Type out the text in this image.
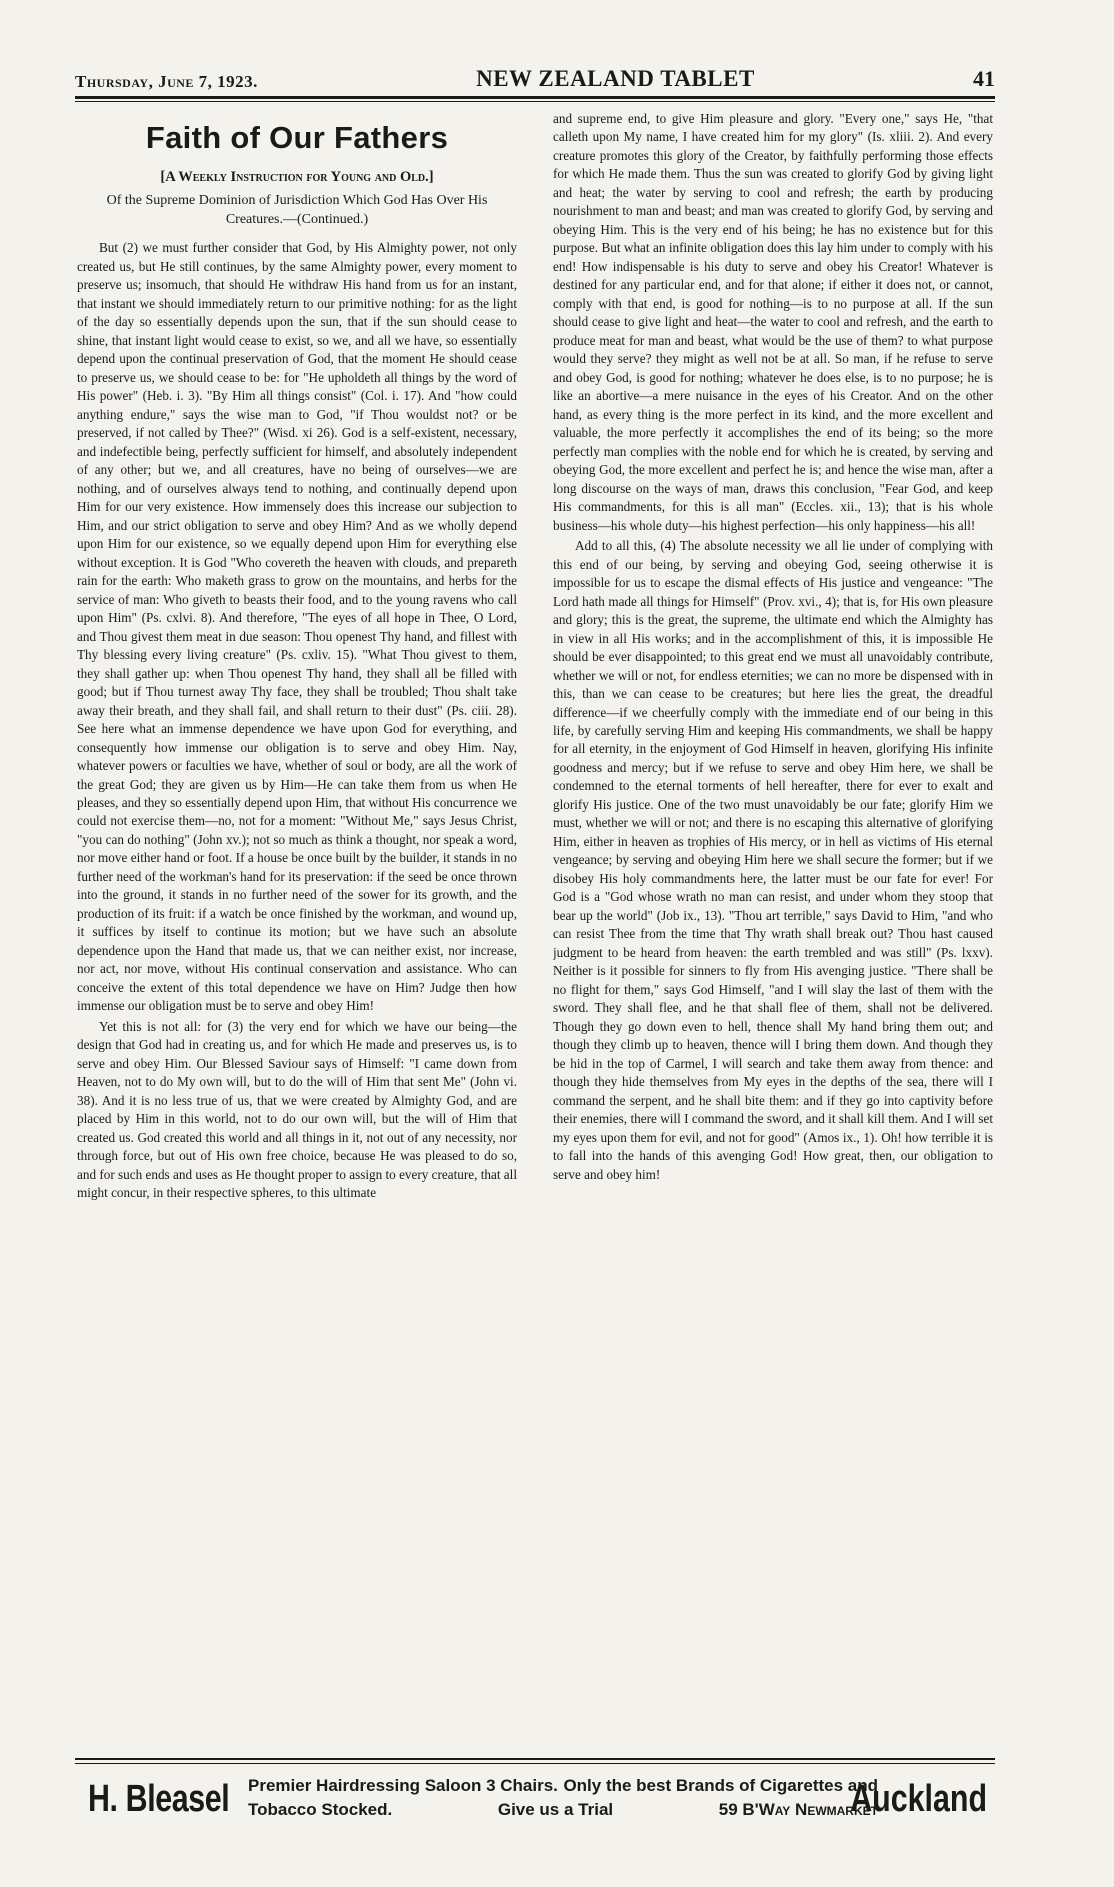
Thursday, June 7, 1923.	NEW ZEALAND TABLET	41
Faith of Our Fathers
[A Weekly Instruction for Young and Old.]
Of the Supreme Dominion of Jurisdiction Which God Has Over His Creatures.—(Continued.)

But (2) we must further consider that God, by His Almighty power, not only created us, but He still continues, by the same Almighty power, every moment to preserve us; insomuch, that should He withdraw His hand from us for an instant, that instant we should immediately return to our primitive nothing: for as the light of the day so essentially depends upon the sun, that if the sun should cease to shine, that instant light would cease to exist, so we, and all we have, so essentially depend upon the continual preservation of God, that the moment He should cease to preserve us, we should cease to be: for "He upholdeth all things by the word of His power" (Heb. i. 3). "By Him all things consist" (Col. i. 17). And "how could anything endure," says the wise man to God, "if Thou wouldst not? or be preserved, if not called by Thee?" (Wisd. xi 26). God is a self-existent, necessary, and indefectible being, perfectly sufficient for himself, and absolutely independent of any other; but we, and all creatures, have no being of ourselves—we are nothing, and of ourselves always tend to nothing, and continually depend upon Him for our very existence. How immensely does this increase our subjection to Him, and our strict obligation to serve and obey Him? And as we wholly depend upon Him for our existence, so we equally depend upon Him for everything else without exception. It is God "Who covereth the heaven with clouds, and prepareth rain for the earth: Who maketh grass to grow on the mountains, and herbs for the service of man: Who giveth to beasts their food, and to the young ravens who call upon Him" (Ps. cxlvi. 8). And therefore, "The eyes of all hope in Thee, O Lord, and Thou givest them meat in due season: Thou openest Thy hand, and fillest with Thy blessing every living creature" (Ps. cxliv. 15). "What Thou givest to them, they shall gather up: when Thou openest Thy hand, they shall all be filled with good; but if Thou turnest away Thy face, they shall be troubled; Thou shalt take away their breath, and they shall fail, and shall return to their dust" (Ps. ciii. 28). See here what an immense dependence we have upon God for everything, and consequently how immense our obligation is to serve and obey Him. Nay, whatever powers or faculties we have, whether of soul or body, are all the work of the great God; they are given us by Him—He can take them from us when He pleases, and they so essentially depend upon Him, that without His concurrence we could not exercise them—no, not for a moment: "Without Me," says Jesus Christ, "you can do nothing" (John xv.); not so much as think a thought, nor speak a word, nor move either hand or foot. If a house be once built by the builder, it stands in no further need of the workman's hand for its preservation: if the seed be once thrown into the ground, it stands in no further need of the sower for its growth, and the production of its fruit: if a watch be once finished by the workman, and wound up, it suffices by itself to continue its motion; but we have such an absolute dependence upon the Hand that made us, that we can neither exist, nor increase, nor act, nor move, without His continual conservation and assistance. Who can conceive the extent of this total dependence we have on Him? Judge then how immense our obligation must be to serve and obey Him!

Yet this is not all: for (3) the very end for which we have our being—the design that God had in creating us, and for which He made and preserves us, is to serve and obey Him. Our Blessed Saviour says of Himself: "I came down from Heaven, not to do My own will, but to do the will of Him that sent Me" (John vi. 38). And it is no less true of us, that we were created by Almighty God, and are placed by Him in this world, not to do our own will, but the will of Him that created us. God created this world and all things in it, not out of any necessity, nor through force, but out of His own free choice, because He was pleased to do so, and for such ends and uses as He thought proper to assign to every creature, that all might concur, in their respective spheres, to this ultimate

and supreme end, to give Him pleasure and glory. "Every one," says He, "that calleth upon My name, I have created him for my glory" (Is. xliii. 2). And every creature promotes this glory of the Creator, by faithfully performing those effects for which He made them. Thus the sun was created to glorify God by giving light and heat; the water by serving to cool and refresh; the earth by producing nourishment to man and beast; and man was created to glorify God, by serving and obeying Him. This is the very end of his being; he has no existence but for this purpose. But what an infinite obligation does this lay him under to comply with his end! How indispensable is his duty to serve and obey his Creator! Whatever is destined for any particular end, and for that alone; if either it does not, or cannot, comply with that end, is good for nothing—is to no purpose at all. If the sun should cease to give light and heat—the water to cool and refresh, and the earth to produce meat for man and beast, what would be the use of them? to what purpose would they serve? they might as well not be at all. So man, if he refuse to serve and obey God, is good for nothing; whatever he does else, is to no purpose; he is like an abortive—a mere nuisance in the eyes of his Creator. And on the other hand, as every thing is the more perfect in its kind, and the more excellent and valuable, the more perfectly it accomplishes the end of its being; so the more perfectly man complies with the noble end for which he is created, by serving and obeying God, the more excellent and perfect he is; and hence the wise man, after a long discourse on the ways of man, draws this conclusion, "Fear God, and keep His commandments, for this is all man" (Eccles. xii., 13); that is his whole business—his whole duty—his highest perfection—his only happiness—his all!

Add to all this, (4) The absolute necessity we all lie under of complying with this end of our being, by serving and obeying God, seeing otherwise it is impossible for us to escape the dismal effects of His justice and vengeance: "The Lord hath made all things for Himself" (Prov. xvi., 4); that is, for His own pleasure and glory; this is the great, the supreme, the ultimate end which the Almighty has in view in all His works; and in the accomplishment of this, it is impossible He should be ever disappointed; to this great end we must all unavoidably contribute, whether we will or not, for endless eternities; we can no more be dispensed with in this, than we can cease to be creatures; but here lies the great, the dreadful difference—if we cheerfully comply with the immediate end of our being in this life, by carefully serving Him and keeping His commandments, we shall be happy for all eternity, in the enjoyment of God Himself in heaven, glorifying His infinite goodness and mercy; but if we refuse to serve and obey Him here, we shall be condemned to the eternal torments of hell hereafter, there for ever to exalt and glorify His justice. One of the two must unavoidably be our fate; glorify Him we must, whether we will or not; and there is no escaping this alternative of glorifying Him, either in heaven as trophies of His mercy, or in hell as victims of His eternal vengeance; by serving and obeying Him here we shall secure the former; but if we disobey His holy commandments here, the latter must be our fate for ever! For God is a "God whose wrath no man can resist, and under whom they stoop that bear up the world" (Job ix., 13). "Thou art terrible," says David to Him, "and who can resist Thee from the time that Thy wrath shall break out? Thou hast caused judgment to be heard from heaven: the earth trembled and was still" (Ps. lxxv). Neither is it possible for sinners to fly from His avenging justice. "There shall be no flight for them," says God Himself, "and I will slay the last of them with the sword. They shall flee, and he that shall flee of them, shall not be delivered. Though they go down even to hell, thence shall My hand bring them out; and though they climb up to heaven, thence will I bring them down. And though they be hid in the top of Carmel, I will search and take them away from thence: and though they hide themselves from My eyes in the depths of the sea, there will I command the serpent, and he shall bite them: and if they go into captivity before their enemies, there will I command the sword, and it shall kill them. And I will set my eyes upon them for evil, and not for good" (Amos ix., 1). Oh! how terrible it is to fall into the hands of this avenging God! How great, then, our obligation to serve and obey him!

H. Bleasel Premier Hairdressing Saloon 3 Chairs. Only the best Brands of Cigarettes and
Tobacco Stocked.	Give us a Trial	59 B'Way Newmarket
Auckland
